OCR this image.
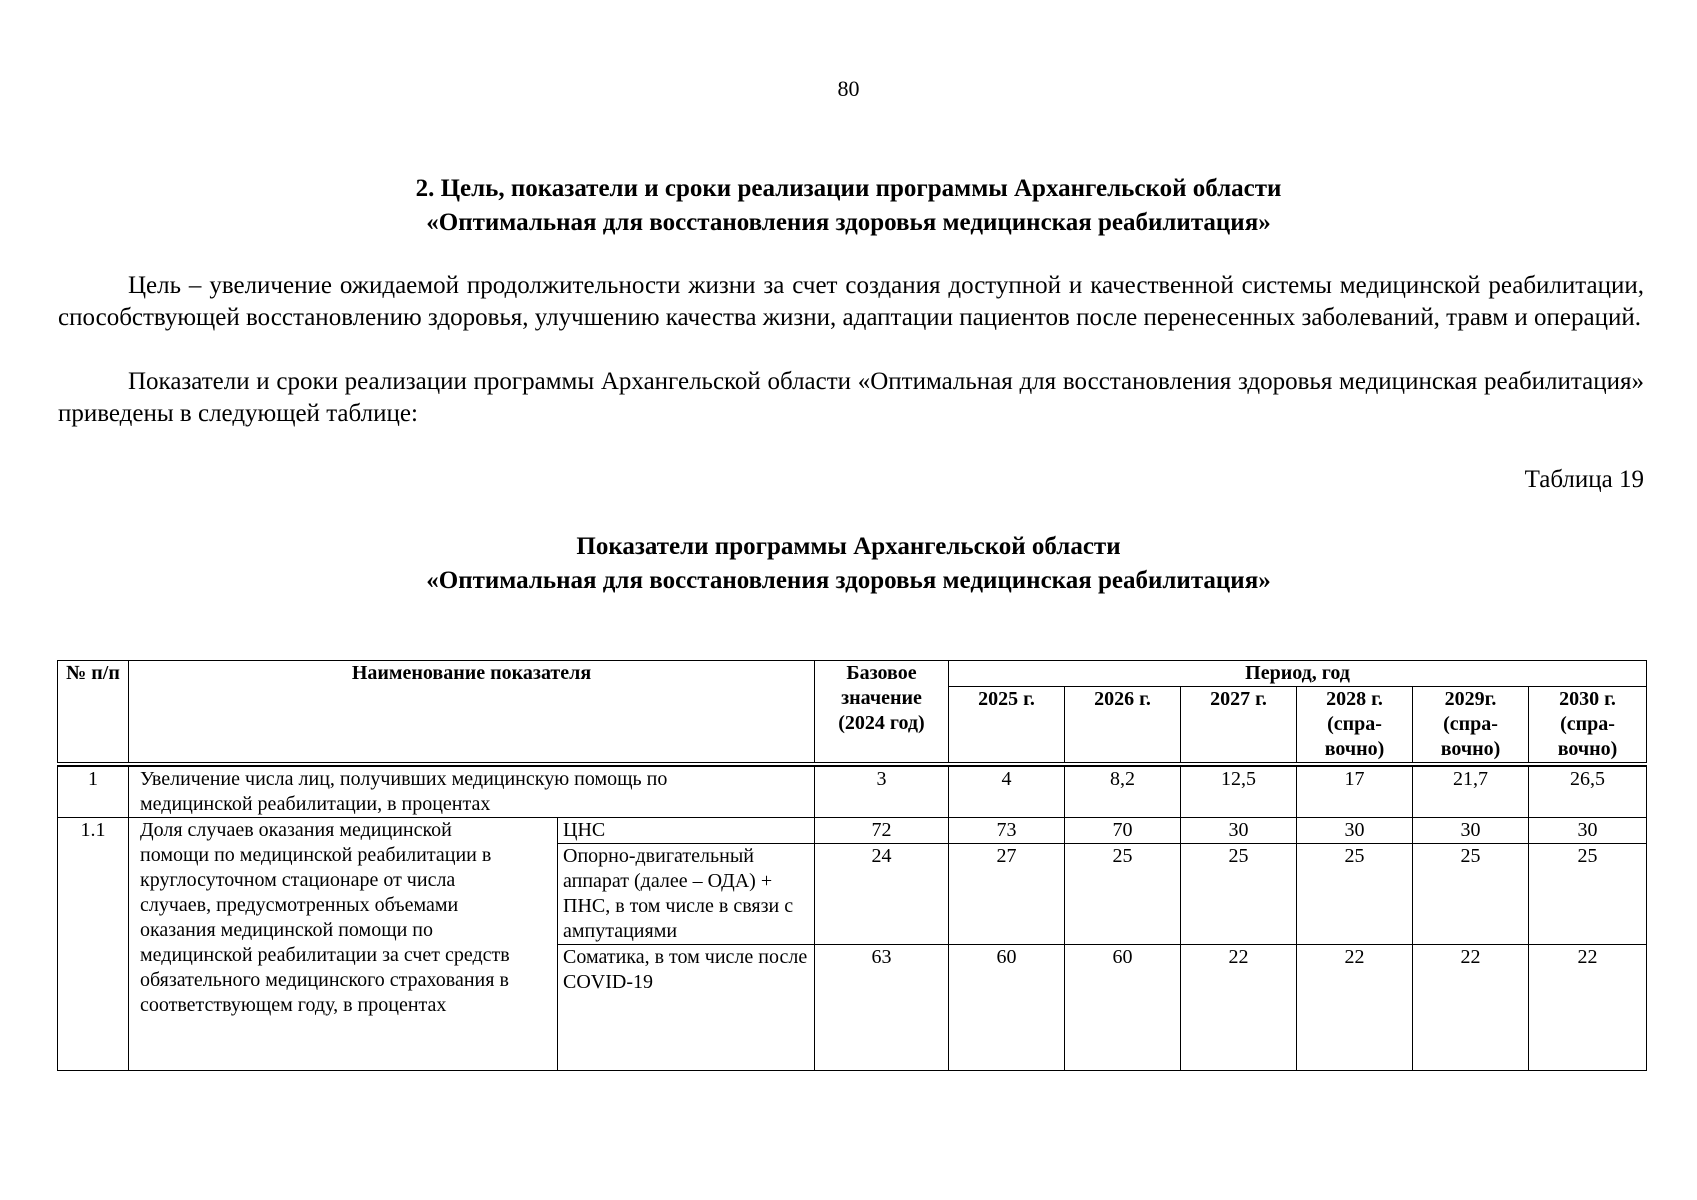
80
2. Цель, показатели и сроки реализации программы Архангельской области
«Оптимальная для восстановления здоровья медицинская реабилитация»
Цель – увеличение ожидаемой продолжительности жизни за счет создания доступной и качественной системы медицинской реабилитации, способствующей восстановлению здоровья, улучшению качества жизни, адаптации пациентов после перенесенных заболеваний, травм и операций.
Показатели и сроки реализации программы Архангельской области «Оптимальная для восстановления здоровья медицинская реабилитация» приведены в следующей таблице:
Таблица 19
Показатели программы Архангельской области
«Оптимальная для восстановления здоровья медицинская реабилитация»
№ п/п	Наименование показателя		Базовое значение (2024 год)	Период, год					
				2025 г.	2026 г.	2027 г.	2028 г. (спра-вочно)	2029г. (спра-вочно)	2030 г. (спра-вочно)

1	Увеличение числа лиц, получивших медицинскую помощь по медицинской реабилитации, в процентах		3	4	8,2	12,5	17	21,7	26,5
1.1	Доля случаев оказания медицинской помощи по медицинской реабилитации в круглосуточном стационаре от числа случаев, предусмотренных объемами оказания медицинской помощи по медицинской реабилитации за счет средств обязательного медицинского страхования в соответствующем году, в процентах	ЦНС	72	73	70	30	30	30	30
		Опорно-двигательный аппарат (далее – ОДА) + ПНС, в том числе в связи с ампутациями	24	27	25	25	25	25	25
		Соматика, в том числе после COVID-19	63	60	60	22	22	22	22
